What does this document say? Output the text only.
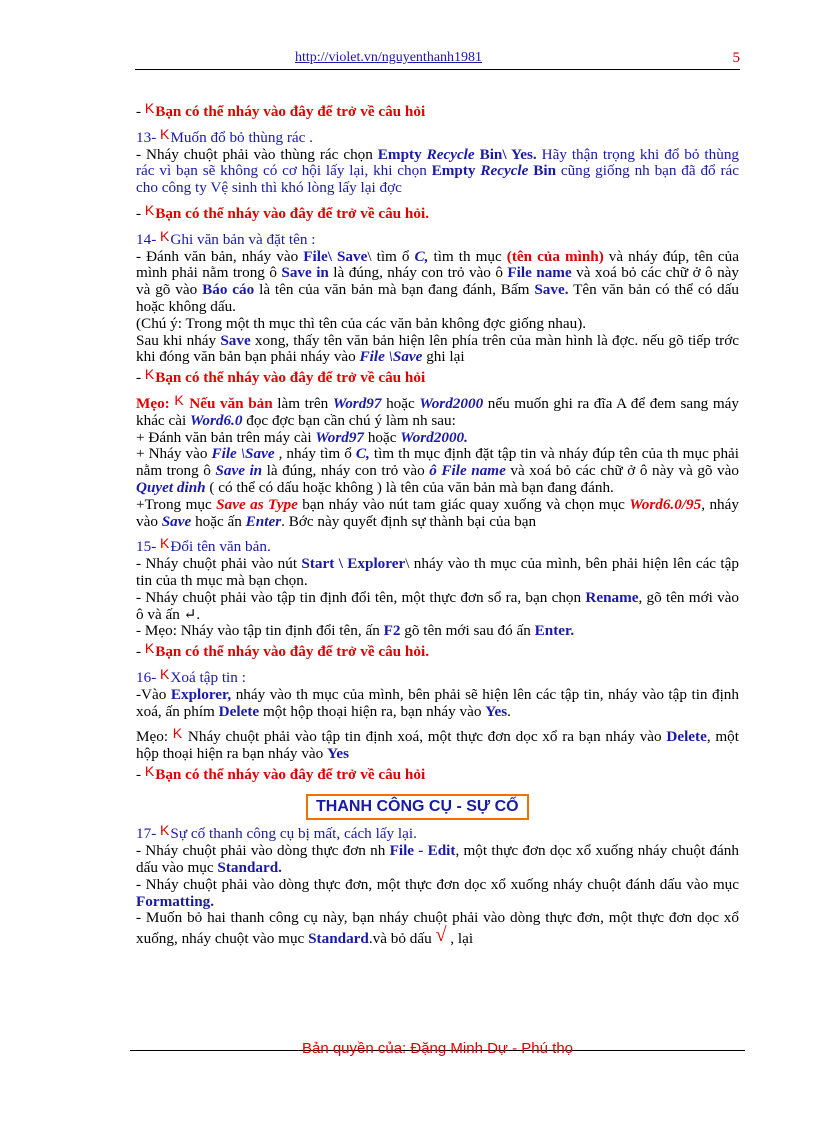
http://violet.vn/nguyenthanh1981	5

- KBạn có thể nháy vào đây để trở về câu hỏi

13- KMuốn đổ bỏ thùng rác .

- Nháy chuột phải vào thùng rác chọn Empty Recycle Bin\ Yes. Hãy thận trọng khi đổ bỏ thùng rác vì bạn sẽ không có cơ hội lấy lại, khi chọn Empty Recycle Bin cũng giống nh bạn đã đổ rác cho công ty Vệ sinh thì khó lòng lấy lại đợc

- KBạn có thể nháy vào đây để trở về câu hỏi.

14- KGhi văn bản và đặt tên :

- Đánh văn bản, nháy vào File\ Save\ tìm ổ C, tìm th mục (tên của mình) và nháy đúp, tên của mình phải nằm trong ô Save in là đúng, nháy con trỏ vào ô File name và xoá bỏ các chữ ở ô này và gõ vào Báo cáo là tên của văn bản mà bạn đang đánh, Bấm Save. Tên văn bản có thể có dấu hoặc không dấu.

(Chú ý: Trong một th mục thì tên của các văn bản không đợc giống nhau).

Sau khi nháy Save xong, thấy tên văn bản hiện lên phía trên của màn hình là đợc. nếu gõ tiếp trớc khi đóng văn bản bạn phải nháy vào File \Save ghi lại

- KBạn có thể nháy vào đây để trở về câu hỏi

Mẹo: K Nếu văn bản làm trên Word97 hoặc Word2000 nếu muốn ghi ra đĩa A để đem sang máy khác cài Word6.0 đọc đợc bạn cần chú ý làm nh sau:

+ Đánh văn bản trên máy cài Word97 hoặc Word2000.

+ Nháy vào File \Save , nháy tìm ổ C, tìm th mục định đặt tập tin và nháy đúp tên của th mục phải nằm trong ô Save in là đúng, nháy con trỏ vào ô File name và xoá bỏ các chữ ở ô này và gõ vào Quyet dinh ( có thể có dấu hoặc không ) là tên của văn bản mà bạn đang đánh.

+Trong mục Save as Type bạn nháy vào nút tam giác quay xuống và chọn mục Word6.0/95, nháy vào Save hoặc ấn Enter. Bớc này quyết định sự thành bại của bạn

15- KĐổi tên văn bản.

- Nháy chuột phải vào nút Start \ Explorer\ nháy vào th mục của mình, bên phải hiện lên các tập tin của th mục mà bạn chọn.

- Nháy chuột phải vào tập tin định đổi tên, một thực đơn sổ ra, bạn chọn Rename, gõ tên mới vào ô và ấn ↵.

- Mẹo: Nháy vào tập tin định đổi tên, ấn F2 gõ tên mới sau đó ấn Enter.

- KBạn có thể nháy vào đây để trở về câu hỏi.

16- KXoá tập tin :

-Vào Explorer, nháy vào th mục của mình, bên phải sẽ hiện lên các tập tin, nháy vào tập tin định xoá, ấn phím Delete một hộp thoại hiện ra, bạn nháy vào Yes.

Mẹo: K Nháy chuột phải vào tập tin định xoá, một thực đơn dọc xổ ra bạn nháy vào Delete, một hộp thoại hiện ra bạn nháy vào Yes

- KBạn có thể nháy vào đây để trở về câu hỏi

THANH CÔNG CỤ - SỰ CỐ

17- KSự cố thanh công cụ bị mất, cách lấy lại.

- Nháy chuột phải vào dòng thực đơn nh File - Edit, một thực đơn dọc xổ xuống nháy chuột đánh dấu vào mục Standard.

- Nháy chuột phải vào dòng thực đơn, một thực đơn dọc xổ xuống nháy chuột đánh dấu vào mục Formatting.

- Muốn bỏ hai thanh công cụ này, bạn nháy chuột phải vào dòng thực đơn, một thực đơn dọc xổ xuống, nháy chuột vào mục Standard.và bỏ dấu √ , lại

Bản quyền của: Đặng Minh Dự - Phú thọ
